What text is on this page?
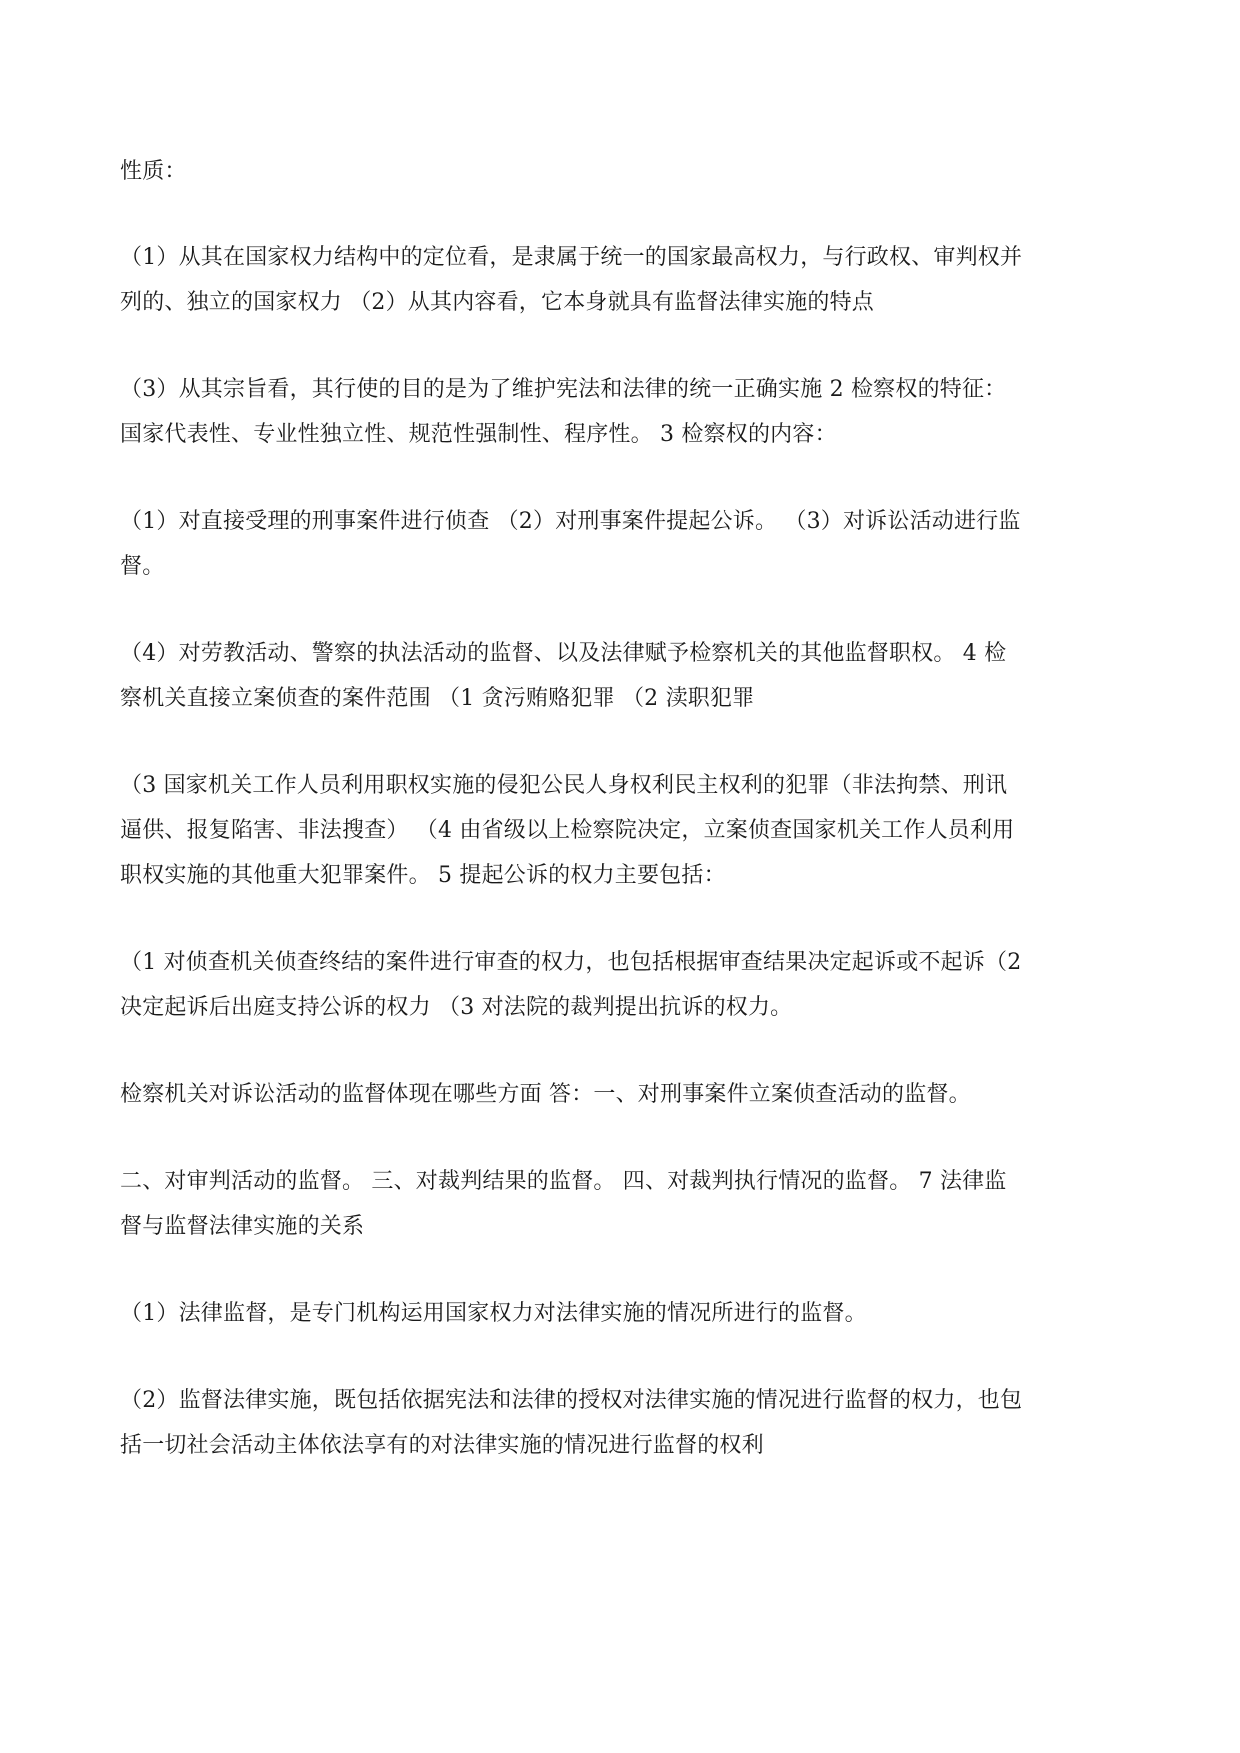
性质：
（1）从其在国家权力结构中的定位看，是隶属于统一的国家最高权力，与行政权、审判权并
列的、独立的国家权力 （2）从其内容看，它本身就具有监督法律实施的特点
（3）从其宗旨看，其行使的目的是为了维护宪法和法律的统一正确实施 2 检察权的特征：
国家代表性、专业性独立性、规范性强制性、程序性。 3 检察权的内容：
（1）对直接受理的刑事案件进行侦查 （2）对刑事案件提起公诉。 （3）对诉讼活动进行监
督。
（4）对劳教活动、警察的执法活动的监督、以及法律赋予检察机关的其他监督职权。 4 检
察机关直接立案侦查的案件范围 （1 贪污贿赂犯罪 （2 渎职犯罪
（3 国家机关工作人员利用职权实施的侵犯公民人身权利民主权利的犯罪（非法拘禁、刑讯
逼供、报复陷害、非法搜查） （4 由省级以上检察院决定，立案侦查国家机关工作人员利用
职权实施的其他重大犯罪案件。 5 提起公诉的权力主要包括：
（1 对侦查机关侦查终结的案件进行审查的权力，也包括根据审查结果决定起诉或不起诉（2
决定起诉后出庭支持公诉的权力 （3 对法院的裁判提出抗诉的权力。
检察机关对诉讼活动的监督体现在哪些方面 答：一、对刑事案件立案侦查活动的监督。
二、对审判活动的监督。 三、对裁判结果的监督。 四、对裁判执行情况的监督。 7 法律监
督与监督法律实施的关系
（1）法律监督，是专门机构运用国家权力对法律实施的情况所进行的监督。
（2）监督法律实施，既包括依据宪法和法律的授权对法律实施的情况进行监督的权力，也包
括一切社会活动主体依法享有的对法律实施的情况进行监督的权利
